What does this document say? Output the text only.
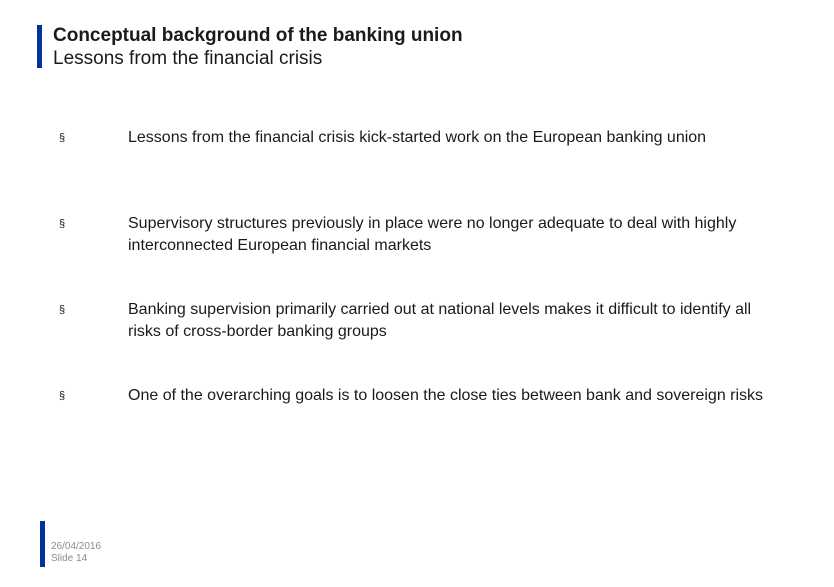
Conceptual background of the banking union
Lessons from the financial crisis
§	Lessons from the financial crisis kick-started work on the European banking union
§	Supervisory structures previously in place were no longer adequate to deal with highly interconnected European financial markets
§	Banking supervision primarily carried out at national levels makes it difficult to identify all risks of cross-border banking groups
§	One of the overarching goals is to loosen the close ties between bank and sovereign risks
26/04/2016
Slide 14
